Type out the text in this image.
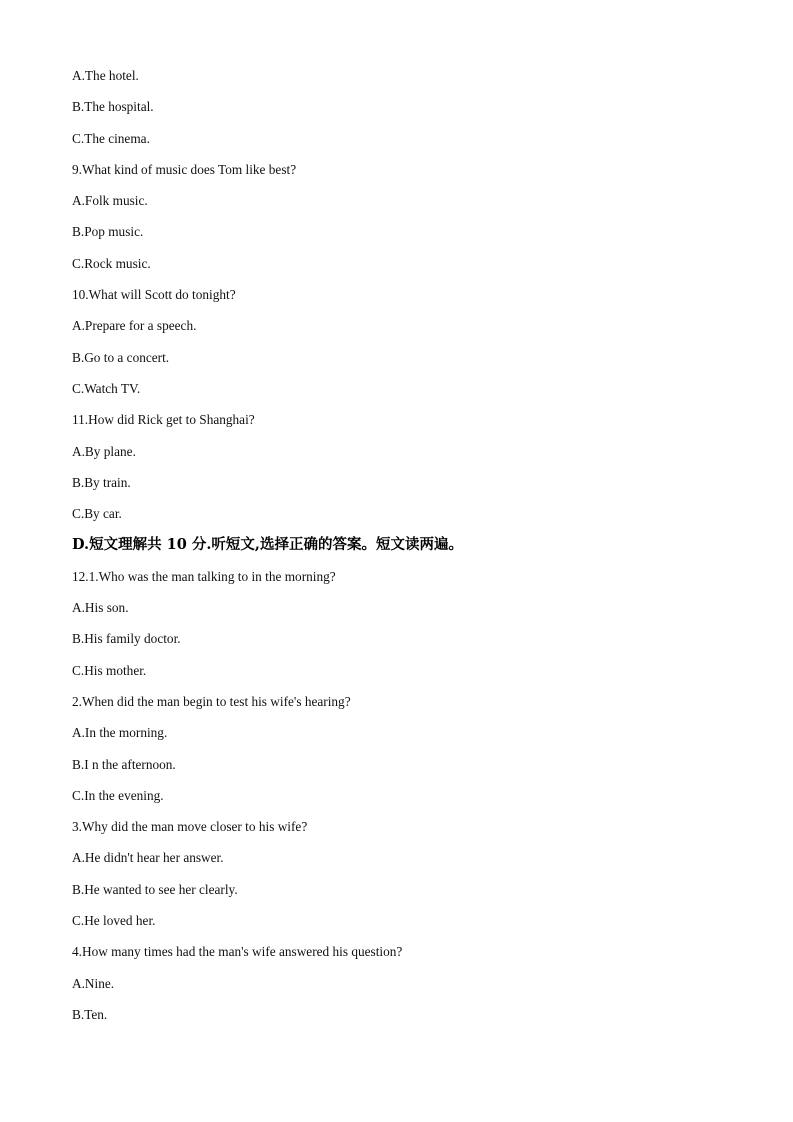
A.The hotel.
B.The hospital.
C.The cinema.
9.What kind of music does Tom like best?
A.Folk music.
B.Pop music.
C.Rock music.
10.What will Scott do tonight?
A.Prepare for a speech.
B.Go to a concert.
C.Watch TV.
11.How did Rick get to Shanghai?
A.By plane.
B.By train.
C.By car.
D.短文理解共 10 分.听短文,选择正确的答案。短文读两遍。
12.1.Who was the man talking to in the morning?
A.His son.
B.His family doctor.
C.His mother.
2.When did the man begin to test his wife's hearing?
A.In the morning.
B.I n the afternoon.
C.In the evening.
3.Why did the man move closer to his wife?
A.He didn't hear her answer.
B.He wanted to see her clearly.
C.He loved her.
4.How many times had the man's wife answered his question?
A.Nine.
B.Ten.
